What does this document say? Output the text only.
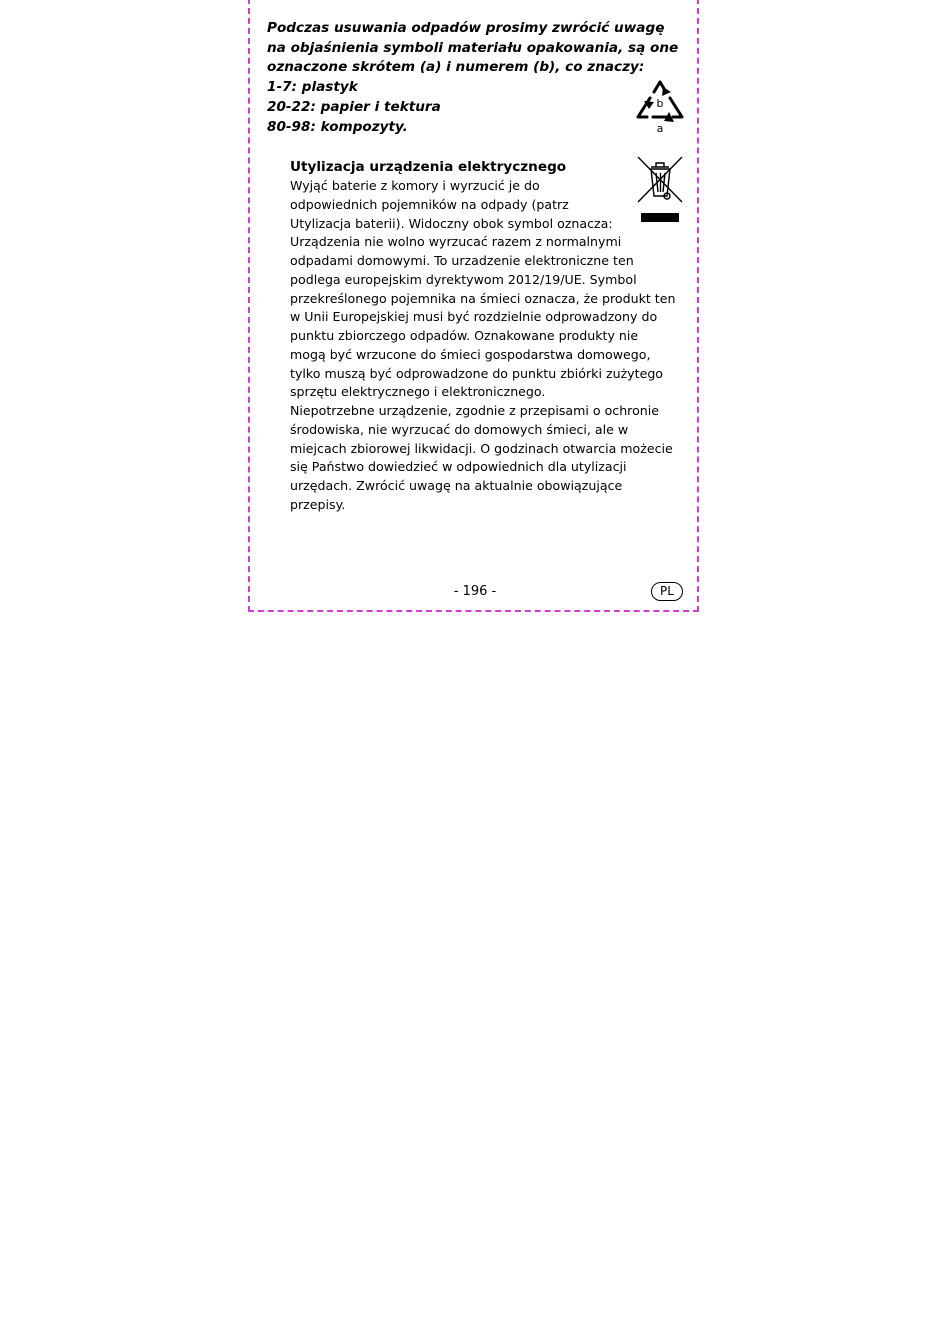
Podczas usuwania odpadów prosimy zwrócić uwagę
na objaśnienia symboli materiału opakowania, są one
oznaczone skrótem (a) i numerem (b), co znaczy:
1-7: plastyk
20-22: papier i tektura
80-98: kompozyty.

b
a
Utylizacja urządzenia elektrycznego

Wyjąć baterie z komory i wyrzucić je do
odpowiednich pojemników na odpady (patrz
Utylizacja baterii). Widoczny obok symbol oznacza:
Urządzenia nie wolno wyrzucać razem z normalnymi
odpadami domowymi. To urzadzenie elektroniczne ten
podlega europejskim dyrektywom 2012/19/UE. Symbol
przekreślonego pojemnika na śmieci oznacza, że produkt ten
w Unii Europejskiej musi być rozdzielnie odprowadzony do
punktu zbiorczego odpadów. Oznakowane produkty nie
mogą być wrzucone do śmieci gospodarstwa domowego,
tylko muszą być odprowadzone do punktu zbiórki zużytego
sprzętu elektrycznego i elektronicznego.
Niepotrzebne urządzenie, zgodnie z przepisami o ochronie
środowiska, nie wyrzucać do domowych śmieci, ale w
miejcach zbiorowej likwidacji. O godzinach otwarcia możecie
się Państwo dowiedzieć w odpowiednich dla utylizacji
urzędach. Zwrócić uwagę na aktualnie obowiązujące
przepisy.

- 196 -	PL
